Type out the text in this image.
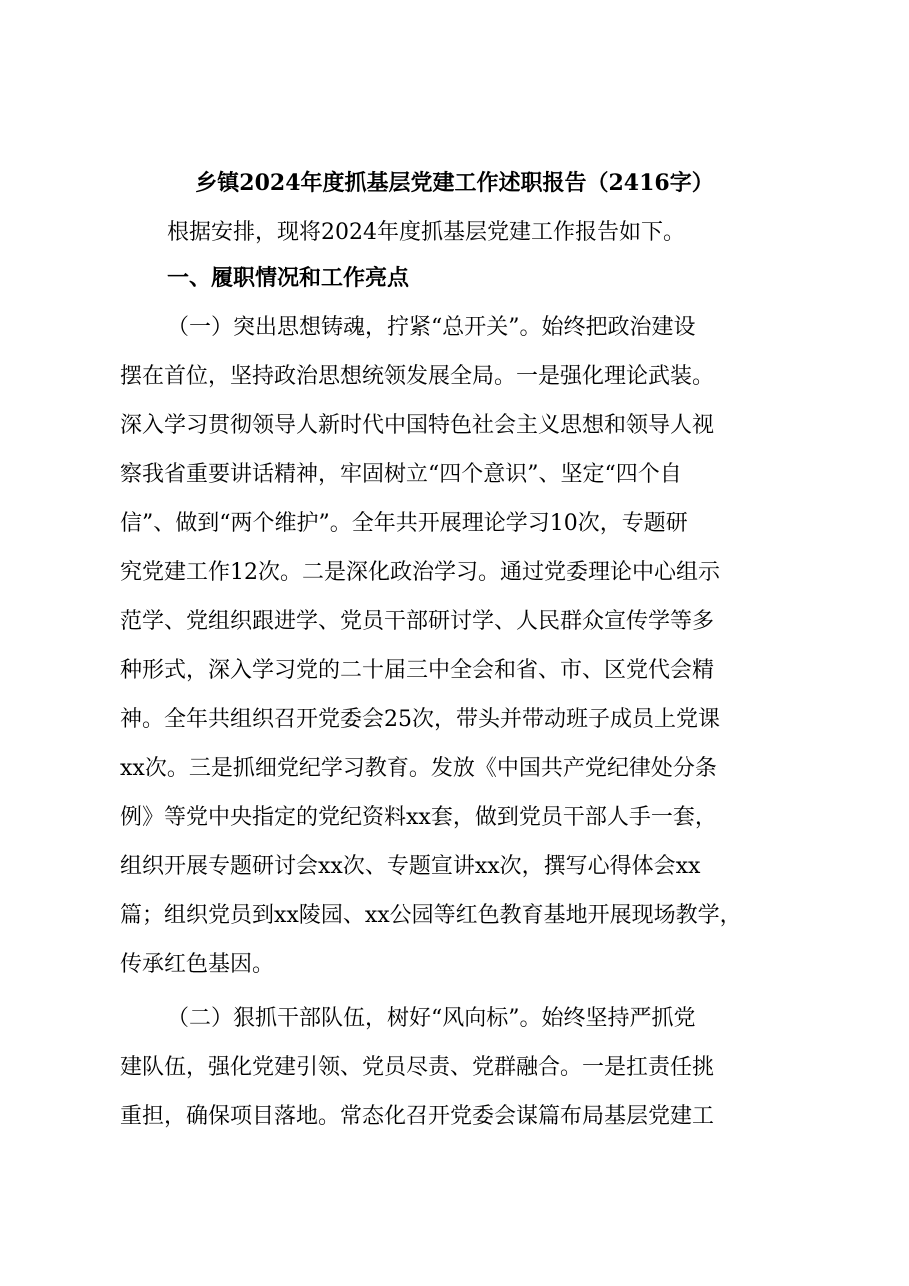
乡镇2024年度抓基层党建工作述职报告（2416字）
根据安排，现将2024年度抓基层党建工作报告如下。
一、履职情况和工作亮点
（一）突出思想铸魂，拧紧“总开关”。始终把政治建设
摆在首位，坚持政治思想统领发展全局。一是强化理论武装。
深入学习贯彻领导人新时代中国特色社会主义思想和领导人视
察我省重要讲话精神，牢固树立“四个意识”、坚定“四个自
信”、做到“两个维护”。全年共开展理论学习10次，专题研
究党建工作12次。二是深化政治学习。通过党委理论中心组示
范学、党组织跟进学、党员干部研讨学、人民群众宣传学等多
种形式，深入学习党的二十届三中全会和省、市、区党代会精
神。全年共组织召开党委会25次，带头并带动班子成员上党课
xx次。三是抓细党纪学习教育。发放《中国共产党纪律处分条
例》等党中央指定的党纪资料xx套，做到党员干部人手一套，
组织开展专题研讨会xx次、专题宣讲xx次，撰写心得体会xx
篇；组织党员到xx陵园、xx公园等红色教育基地开展现场教学，
传承红色基因。
（二）狠抓干部队伍，树好“风向标”。始终坚持严抓党
建队伍，强化党建引领、党员尽责、党群融合。一是扛责任挑
重担，确保项目落地。常态化召开党委会谋篇布局基层党建工
